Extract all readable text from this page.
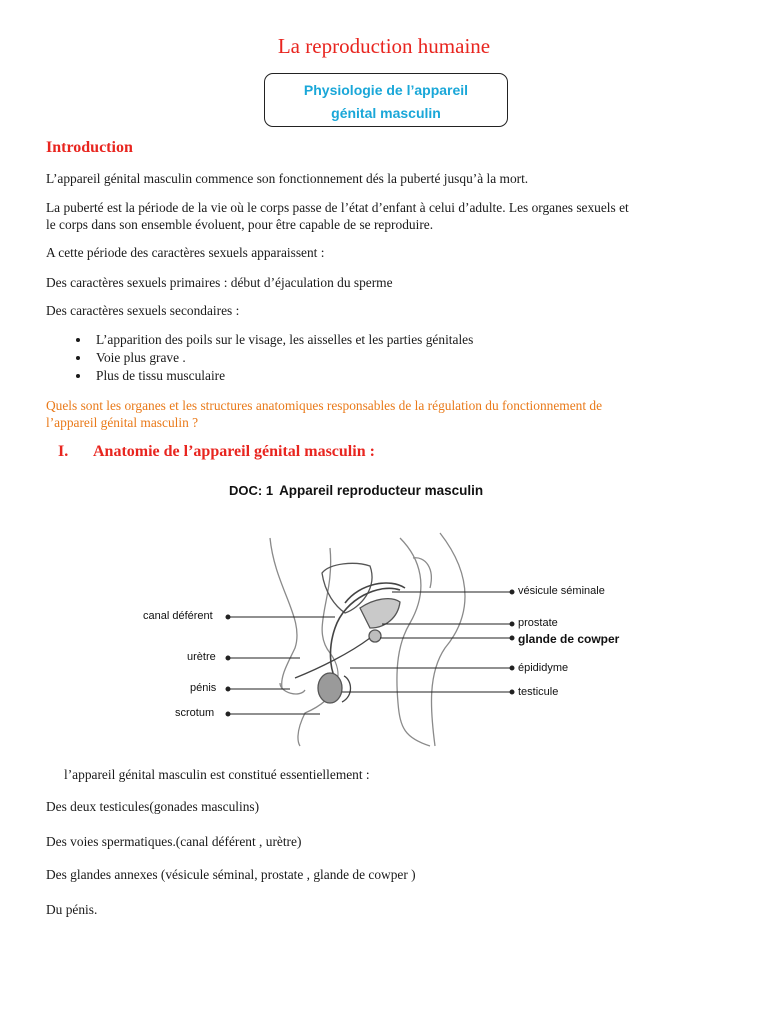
La reproduction humaine
Physiologie de l’appareil
génital masculin
Introduction
L’appareil génital masculin commence son fonctionnement dés la puberté jusqu’à la mort.
La puberté est la période de la vie où le corps passe de l’état d’enfant à celui d’adulte. Les organes sexuels et
le corps dans son ensemble évoluent, pour être capable de se reproduire.
A cette période des caractères sexuels apparaissent :
Des caractères sexuels primaires : début d’éjaculation du sperme
Des caractères sexuels secondaires :
• L’apparition des poils sur le visage, les aisselles et les parties génitales
• Voie plus grave .
• Plus de tissu musculaire
Quels sont les organes et les structures anatomiques responsables de la régulation du fonctionnement de
l’appareil génital masculin ?
I. Anatomie de l’appareil génital masculin :
DOC: 1 Appareil reproducteur masculin
canal déférent
urètre
pénis
scrotum
vésicule séminale
prostate
glande de cowper
épididyme
testicule
l’appareil génital masculin est constitué essentiellement :
Des deux testicules(gonades masculins)
Des voies spermatiques.(canal déférent , urètre)
Des glandes annexes (vésicule séminal, prostate , glande de cowper )
Du pénis.
